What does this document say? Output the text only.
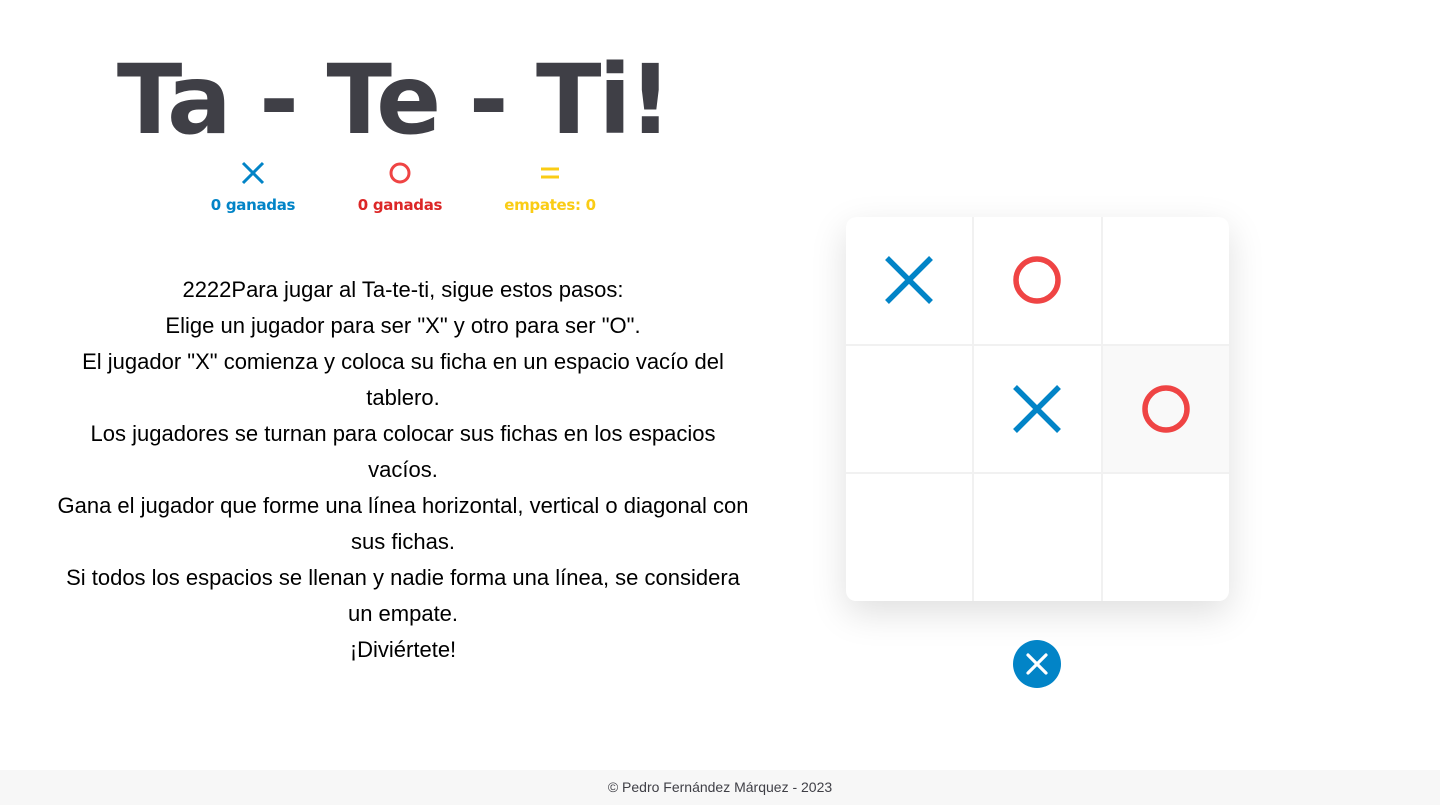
Ta - Te - Ti!
0 ganadas	0 ganadas	empates: 0

2222Para jugar al Ta-te-ti, sigue estos pasos:

Elige un jugador para ser "X" y otro para ser "O".

El jugador "X" comienza y coloca su ficha en un espacio vacío del tablero.

Los jugadores se turnan para colocar sus fichas en los espacios vacíos.

Gana el jugador que forme una línea horizontal, vertical o diagonal con sus fichas.

Si todos los espacios se llenan y nadie forma una línea, se considera un empate.

¡Diviértete!

© Pedro Fernández Márquez - 2023
